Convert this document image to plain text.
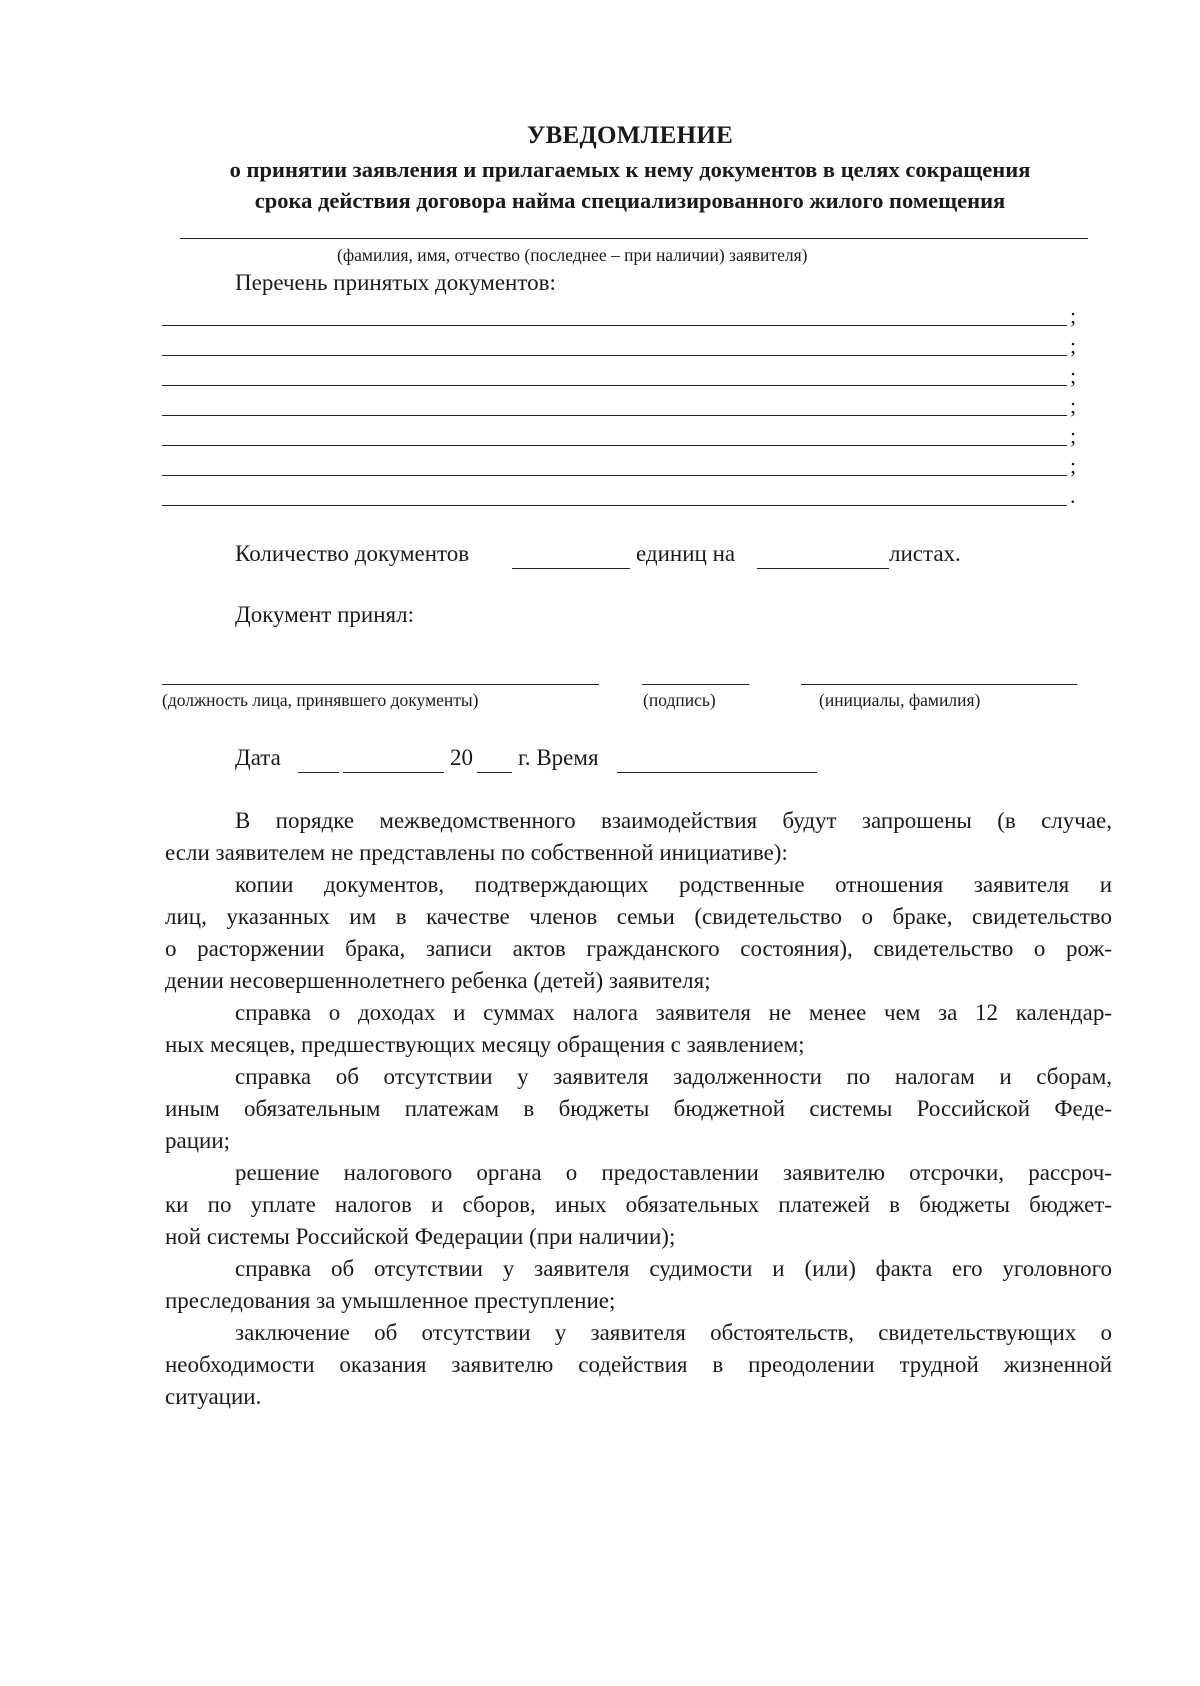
УВЕДОМЛЕНИЕ
о принятии заявления и прилагаемых к нему документов в целях сокращения
срока действия договора найма специализированного жилого помещения
(фамилия, имя, отчество (последнее – при наличии) заявителя)
Перечень принятых документов:
;
;
;
;
;
;
.
Количество документов	единиц на	листах.
Документ принял:
(должность лица, принявшего документы)	(подпись)	(инициалы, фамилия)
Дата	20 г. Время
В порядке межведомственного взаимодействия будут запрошены (в случае,
если заявителем не представлены по собственной инициативе):
копии документов, подтверждающих родственные отношения заявителя и
лиц, указанных им в качестве членов семьи (свидетельство о браке, свидетельство
о расторжении брака, записи актов гражданского состояния), свидетельство о рож-
дении несовершеннолетнего ребенка (детей) заявителя;
справка о доходах и суммах налога заявителя не менее чем за 12 календар-
ных месяцев, предшествующих месяцу обращения с заявлением;
справка об отсутствии у заявителя задолженности по налогам и сборам,
иным обязательным платежам в бюджеты бюджетной системы Российской Феде-
рации;
решение налогового органа о предоставлении заявителю отсрочки, рассроч-
ки по уплате налогов и сборов, иных обязательных платежей в бюджеты бюджет-
ной системы Российской Федерации (при наличии);
справка об отсутствии у заявителя судимости и (или) факта его уголовного
преследования за умышленное преступление;
заключение об отсутствии у заявителя обстоятельств, свидетельствующих о
необходимости оказания заявителю содействия в преодолении трудной жизненной
ситуации.
